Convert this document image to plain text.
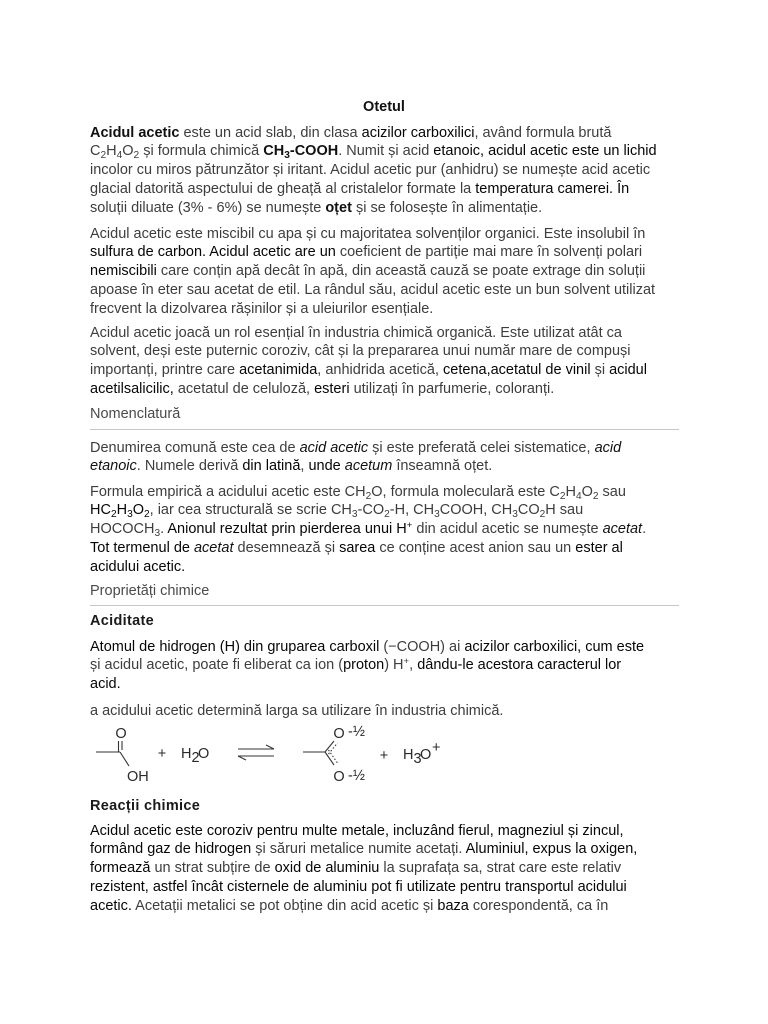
Otetul
Acidul acetic este un acid slab, din clasa acizilor carboxilici, având formula brută
C2H4O2 și formula chimică CH3-COOH. Numit și acid etanoic, acidul acetic este un lichid
incolor cu miros pătrunzător și iritant. Acidul acetic pur (anhidru) se numește acid acetic
glacial datorită aspectului de gheață al cristalelor formate la temperatura camerei. În
soluții diluate (3% - 6%) se numește oțet și se folosește în alimentație.
Acidul acetic este miscibil cu apa și cu majoritatea solvenților organici. Este insolubil în
sulfura de carbon. Acidul acetic are un coeficient de partiție mai mare în solvenți polari
nemiscibili care conțin apă decât în apă, din această cauză se poate extrage din soluții
apoase în eter sau acetat de etil. La rândul său, acidul acetic este un bun solvent utilizat
frecvent la dizolvarea rășinilor și a uleiurilor esențiale.
Acidul acetic joacă un rol esențial în industria chimică organică. Este utilizat atât ca
solvent, deși este puternic coroziv, cât și la prepararea unui număr mare de compuși
importanți, printre care acetanimida, anhidrida acetică, cetena,acetatul de vinil și acidul
acetilsalicilic, acetatul de celuloză, esteri utilizați în parfumerie, coloranți.
Nomenclatură
Denumirea comună este cea de acid acetic și este preferată celei sistematice, acid
etanoic. Numele derivă din latină, unde acetum înseamnă oțet.
Formula empirică a acidului acetic este CH2O, formula moleculară este C2H4O2 sau
HC2H3O2, iar cea structurală se scrie CH3-CO2-H, CH3COOH, CH3CO2H sau
HOCOCH3. Anionul rezultat prin pierderea unui H+ din acidul acetic se numește acetat.
Tot termenul de acetat desemnează și sarea ce conține acest anion sau un ester al
acidului acetic.
Proprietăți chimice
Aciditate
Atomul de hidrogen (H) din gruparea carboxil (−COOH) ai acizilor carboxilici, cum este
și acidul acetic, poate fi eliberat ca ion (proton) H+, dându-le acestora caracterul lor
acid.
a acidului acetic determină larga sa utilizare în industria chimică.
O
OH
+ H 2
O
O -½
O -½
+ H 3
O +
Reacții chimice
Acidul acetic este coroziv pentru multe metale, incluzând fierul, magneziul și zincul,
formând gaz de hidrogen și săruri metalice numite acetați. Aluminiul, expus la oxigen,
formează un strat subțire de oxid de aluminiu la suprafața sa, strat care este relativ
rezistent, astfel încât cisternele de aluminiu pot fi utilizate pentru transportul acidului
acetic. Acetații metalici se pot obține din acid acetic și baza corespondentă, ca în
